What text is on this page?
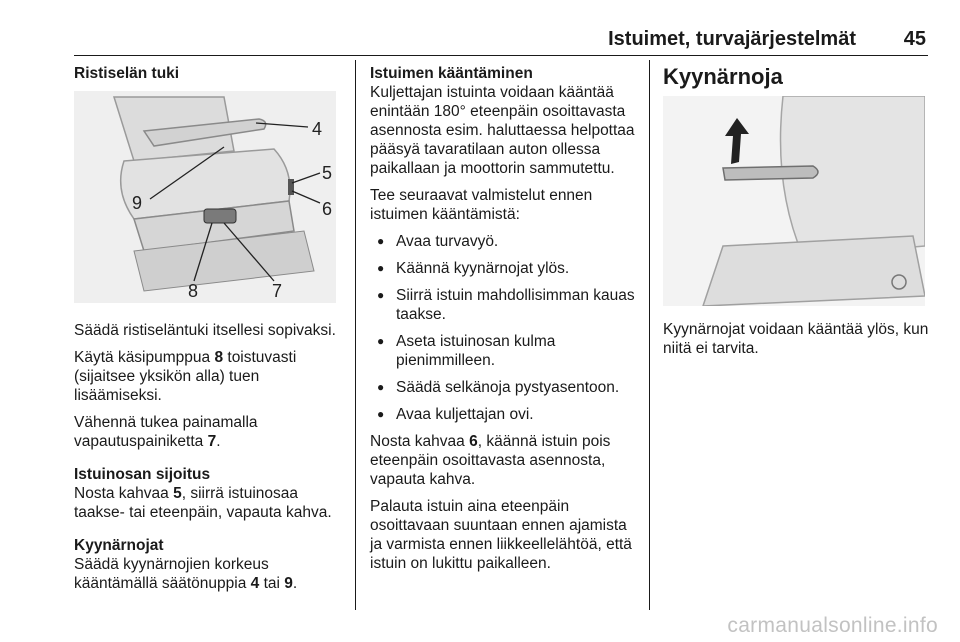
Istuimet, turvajärjestelmät 45
Ristiselän tuki
4
5
6
7
8
9

Säädä ristiseläntuki itsellesi sopivaksi.

Käytä käsipumppua 8 toistuvasti (sijaitsee yksikön alla) tuen lisäämiseksi.

Vähennä tukea painamalla vapautuspainiketta 7.

Istuinosan sijoitus

Nosta kahvaa 5, siirrä istuinosaa taakse- tai eteenpäin, vapauta kahva.

Kyynärnojat

Säädä kyynärnojien korkeus kääntämällä säätönuppia 4 tai 9.

Istuimen kääntäminen

Kuljettajan istuinta voidaan kääntää enintään 180° eteenpäin osoittavasta asennosta esim. haluttaessa helpottaa pääsyä tavaratilaan auton ollessa paikallaan ja moottorin sammutettu.

Tee seuraavat valmistelut ennen istuimen kääntämistä:

● Avaa turvavyö.
● Käännä kyynärnojat ylös.
● Siirrä istuin mahdollisimman kauas taakse.
● Aseta istuinosan kulma pienimmilleen.
● Säädä selkänoja pystyasentoon.
● Avaa kuljettajan ovi.

Nosta kahvaa 6, käännä istuin pois eteenpäin osoittavasta asennosta, vapauta kahva.

Palauta istuin aina eteenpäin osoittavaan suuntaan ennen ajamista ja varmista ennen liikkeellelähtöä, että istuin on lukittu paikalleen.

Kyynärnoja

Kyynärnojat voidaan kääntää ylös, kun niitä ei tarvita.

carmanualsonline.info
